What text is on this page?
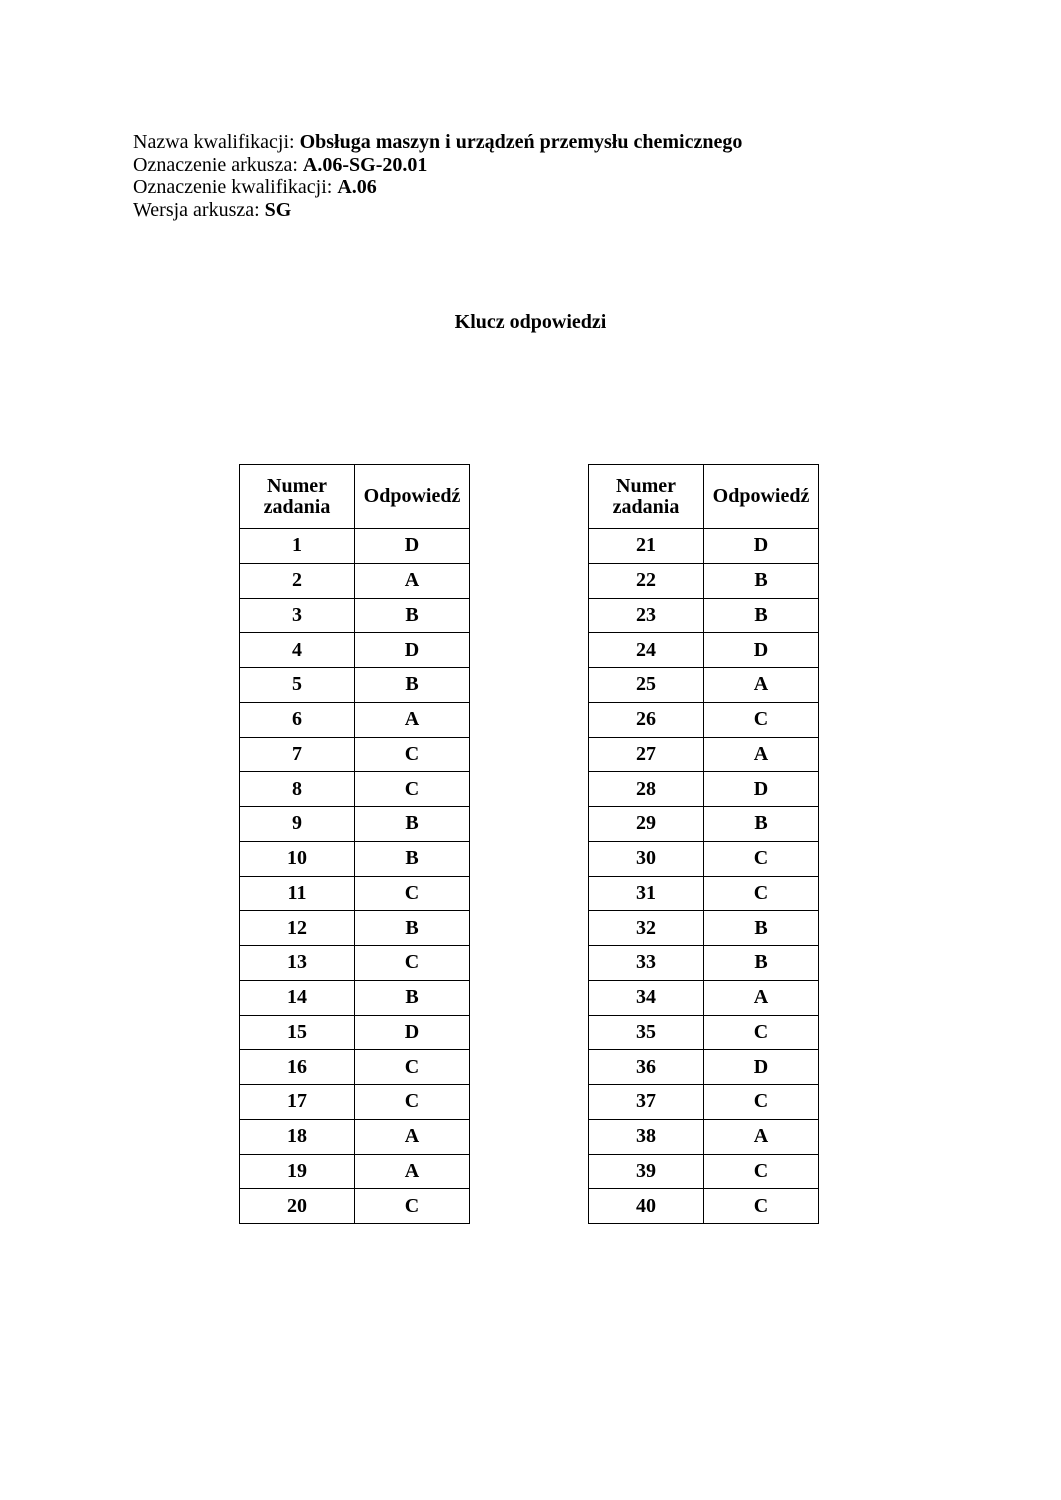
Nazwa kwalifikacji: Obsługa maszyn i urządzeń przemysłu chemicznego
Oznaczenie arkusza: A.06-SG-20.01
Oznaczenie kwalifikacji: A.06
Wersja arkusza: SG
Klucz odpowiedzi
Numer
zadania	Odpowiedź
1	D
2	A
3	B
4	D
5	B
6	A
7	C
8	C
9	B
10	B
11	C
12	B
13	C
14	B
15	D
16	C
17	C
18	A
19	A
20	C
Numer
zadania	Odpowiedź
21	D
22	B
23	B
24	D
25	A
26	C
27	A
28	D
29	B
30	C
31	C
32	B
33	B
34	A
35	C
36	D
37	C
38	A
39	C
40	C
